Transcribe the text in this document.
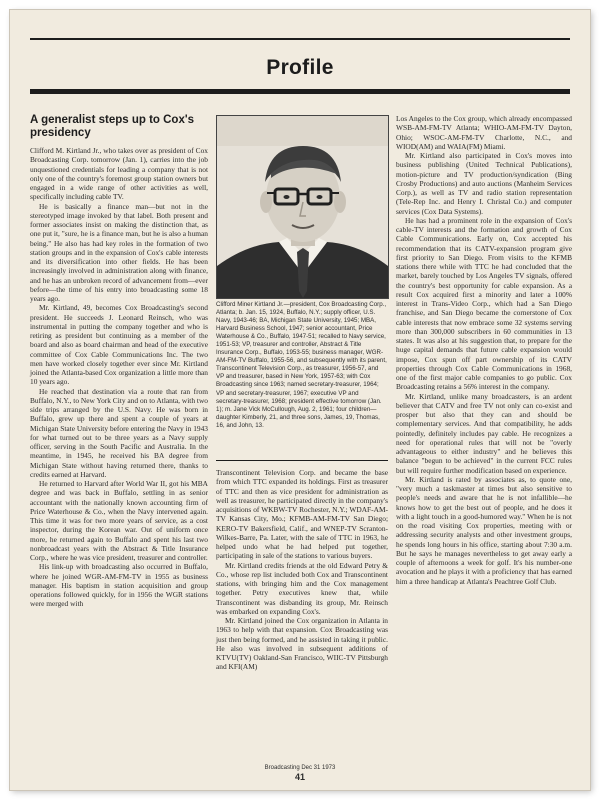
Profile
A generalist steps up to Cox's presidency

Clifford M. Kirtland Jr., who takes over as president of Cox Broadcasting Corp. tomorrow (Jan. 1), carries into the job unquestioned credentials for leading a company that is not only one of the country's foremost group station owners but engaged in a wide range of other activities as well, specifically including cable TV.

He is basically a finance man—but not in the stereotyped image invoked by that label. Both present and former associates insist on making the distinction that, as one put it, "sure, he is a finance man, but he is also a human being." He also has had key roles in the formation of two station groups and in the expansion of Cox's cable interests and its diversification into other fields. He has been increasingly involved in administration along with finance, and he has an unbroken record of advancement from—ever before—the time of his entry into broadcasting some 18 years ago.

Mr. Kirtland, 49, becomes Cox Broadcasting's second president. He succeeds J. Leonard Reinsch, who was instrumental in putting the company together and who is retiring as president but continuing as a member of the board and also as board chairman and head of the executive committee of Cox Cable Communications Inc. The two men have worked closely together ever since Mr. Kirtland joined the Atlanta-based Cox organization a little more than 10 years ago.

He reached that destination via a route that ran from Buffalo, N.Y., to New York City and on to Atlanta, with two side trips arranged by the U.S. Navy. He was born in Buffalo, grew up there and spent a couple of years at Michigan State University before entering the Navy in 1943 for what turned out to be three years as a Navy supply officer, serving in the South Pacific and Australia. In the meantime, in 1945, he received his BA degree from Michigan State without having returned there, thanks to credits earned at Harvard.

He returned to Harvard after World War II, got his MBA degree and was back in Buffalo, settling in as senior accountant with the nationally known accounting firm of Price Waterhouse & Co., when the Navy intervened again. This time it was for two more years of service, as a cost inspector, during the Korean war. Out of uniform once more, he returned again to Buffalo and spent his last two nonbroadcast years with the Abstract & Title Insurance Corp., where he was vice president, treasurer and controller.

His link-up with broadcasting also occurred in Buffalo, where he joined WGR-AM-FM-TV in 1955 as business manager. His baptism in station acquisition and group operations followed quickly, for in 1956 the WGR stations were merged with

Clifford Miner Kirtland Jr.—president, Cox Broadcasting Corp., Atlanta; b. Jan. 15, 1924, Buffalo, N.Y.; supply officer, U.S. Navy, 1943-46; BA, Michigan State University, 1945; MBA, Harvard Business School, 1947; senior accountant, Price Waterhouse & Co., Buffalo, 1947-51; recalled to Navy service, 1951-53; VP, treasurer and controller, Abstract & Title Insurance Corp., Buffalo, 1953-55; business manager, WGR-AM-FM-TV Buffalo, 1955-56, and subsequently with its parent, Transcontinent Television Corp., as treasurer, 1956-57, and VP and treasurer, based in New York, 1957-63; with Cox Broadcasting since 1963; named secretary-treasurer, 1964; VP and secretary-treasurer, 1967; executive VP and secretary-treasurer, 1968; president effective tomorrow (Jan. 1); m. Jane Vick McCullough, Aug. 2, 1961; four children—daughter Kimberly, 21, and three sons, James, 19, Thomas, 16, and John, 13.

Transcontinent Television Corp. and became the base from which TTC expanded its holdings. First as treasurer of TTC and then as vice president for administration as well as treasurer, he participated directly in the company's acquisitions of WKBW-TV Rochester, N.Y.; WDAF-AM-TV Kansas City, Mo.; KFMB-AM-FM-TV San Diego; KERO-TV Bakersfield, Calif., and WNEP-TV Scranton-Wilkes-Barre, Pa. Later, with the sale of TTC in 1963, he helped undo what he had helped put together, participating in sale of the stations to various buyers.

Mr. Kirtland credits friends at the old Edward Petry & Co., whose rep list included both Cox and Transcontinent stations, with bringing him and the Cox management together. Petry executives knew that, while Transcontinent was disbanding its group, Mr. Reinsch was embarked on expanding Cox's.

Mr. Kirtland joined the Cox organization in Atlanta in 1963 to help with that expansion. Cox Broadcasting was just then being formed, and he assisted in taking it public. He also was involved in subsequent additions of KTVU(TV) Oakland-San Francisco, WIIC-TV Pittsburgh and KFI(AM)

Los Angeles to the Cox group, which already encompassed WSB-AM-FM-TV Atlanta; WHIO-AM-FM-TV Dayton, Ohio; WSOC-AM-FM-TV Charlotte, N.C., and WIOD(AM) and WAIA(FM) Miami.

Mr. Kirtland also participated in Cox's moves into business publishing (United Technical Publications), motion-picture and TV production/syndication (Bing Crosby Productions) and auto auctions (Manheim Services Corp.), as well as TV and radio station representation (Tele-Rep Inc. and Henry I. Christal Co.) and computer services (Cox Data Systems).

He has had a prominent role in the expansion of Cox's cable-TV interests and the formation and growth of Cox Cable Communications. Early on, Cox accepted his recommendation that its CATV-expansion program give first priority to San Diego. From visits to the KFMB stations there while with TTC he had concluded that the market, barely touched by Los Angeles TV signals, offered the country's best opportunity for cable expansion. As a result Cox acquired first a minority and later a 100% interest in Trans-Video Corp., which had a San Diego franchise, and San Diego became the cornerstone of Cox cable interests that now embrace some 32 systems serving more than 300,000 subscribers in 60 communities in 13 states. It was also at his suggestion that, to prepare for the huge capital demands that future cable expansion would impose, Cox spun off part ownership of its CATV properties through Cox Cable Communications in 1968, one of the first major cable companies to go public. Cox Broadcasting retains a 56% interest in the company.

Mr. Kirtland, unlike many broadcasters, is an ardent believer that CATV and free TV not only can co-exist and prosper but also that they can and should be complementary services. And that compatibility, he adds pointedly, definitely includes pay cable. He recognizes a need for operational rules that will not be "overly advantageous to either industry" and he believes this balance "begun to be achieved" in the current FCC rules but will require further modification based on experience.

Mr. Kirtland is rated by associates as, to quote one, "very much a taskmaster at times but also sensitive to people's needs and aware that he is not infallible—he knows how to get the best out of people, and he does it with a light touch in a good-humored way." When he is not on the road visiting Cox properties, meeting with or addressing security analysts and other investment groups, he spends long hours in his office, starting about 7:30 a.m. But he says he manages nevertheless to get away early a couple of afternoons a week for golf. It's his number-one avocation and he plays it with a proficiency that has earned him a three handicap at Atlanta's Peachtree Golf Club.

Broadcasting Dec 31 1973
41
